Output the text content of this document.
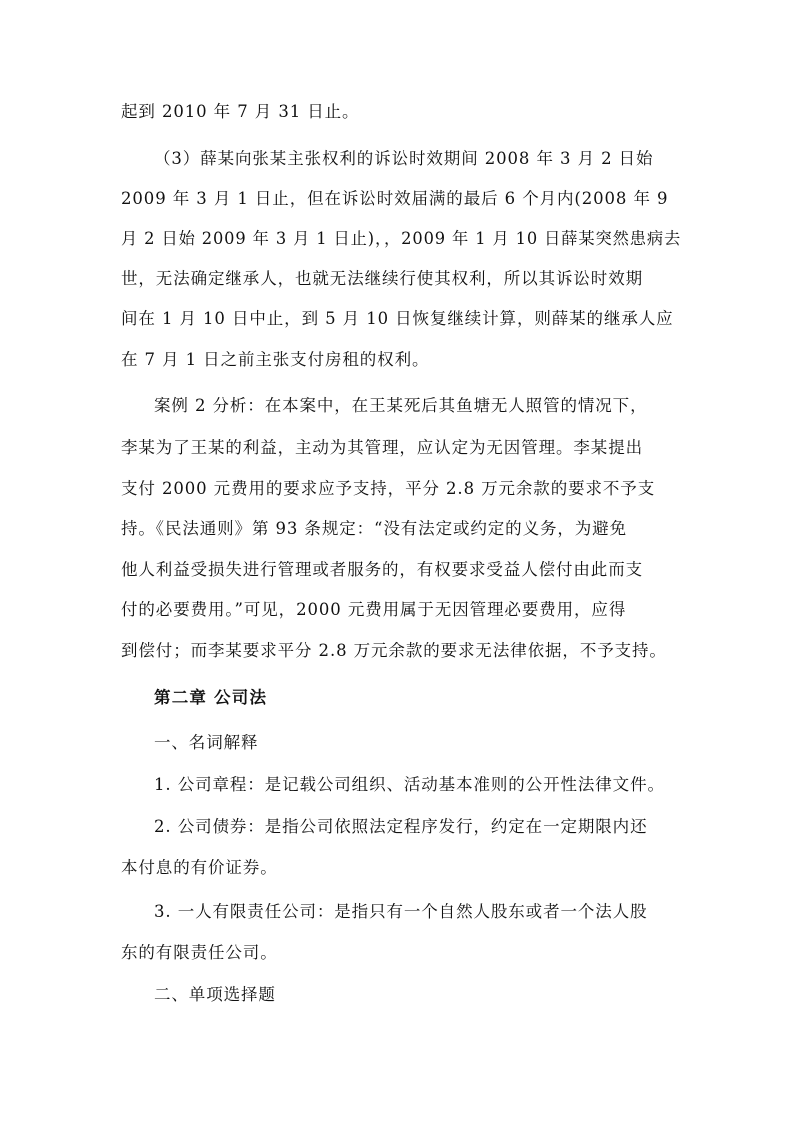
起到 2010 年 7 月 31 日止。
（3）薛某向张某主张权利的诉讼时效期间 2008 年 3 月 2 日始
2009 年 3 月 1 日止，但在诉讼时效届满的最后 6 个月内(2008 年 9
月 2 日始 2009 年 3 月 1 日止)，，2009 年 1 月 10 日薛某突然患病去
世，无法确定继承人，也就无法继续行使其权利，所以其诉讼时效期
间在 1 月 10 日中止，到 5 月 10 日恢复继续计算，则薛某的继承人应
在 7 月 1 日之前主张支付房租的权利。
案例 2 分析：在本案中，在王某死后其鱼塘无人照管的情况下，
李某为了王某的利益，主动为其管理，应认定为无因管理。李某提出
支付 2000 元费用的要求应予支持，平分 2.8 万元余款的要求不予支
持。《民法通则》第 93 条规定：“没有法定或约定的义务，为避免
他人利益受损失进行管理或者服务的，有权要求受益人偿付由此而支
付的必要费用。”可见，2000 元费用属于无因管理必要费用，应得
到偿付；而李某要求平分 2.8 万元余款的要求无法律依据，不予支持。
第二章 公司法
一、名词解释
1. 公司章程：是记载公司组织、活动基本准则的公开性法律文件。
2. 公司债券：是指公司依照法定程序发行，约定在一定期限内还
本付息的有价证券。
3. 一人有限责任公司：是指只有一个自然人股东或者一个法人股
东的有限责任公司。
二、单项选择题
